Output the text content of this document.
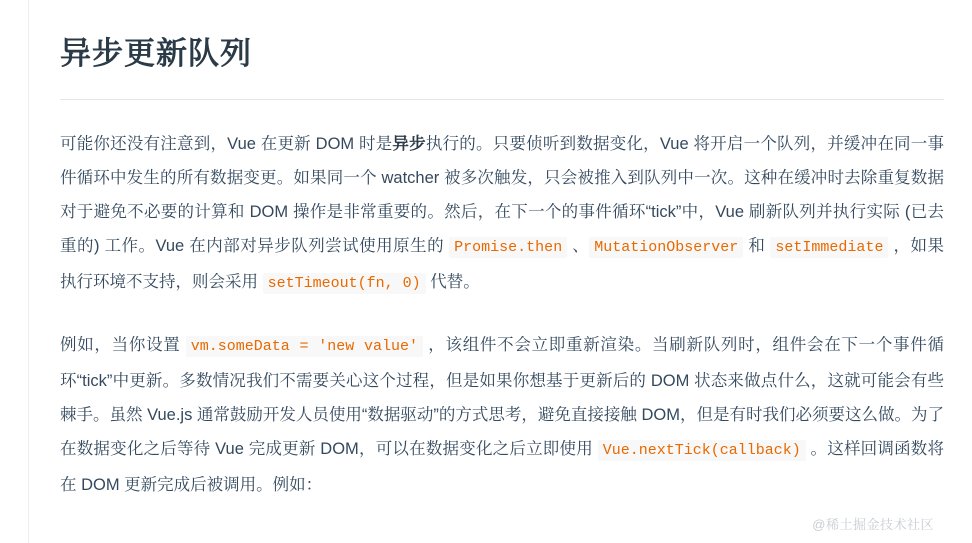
异步更新队列

可能你还没有注意到，Vue 在更新 DOM 时是异步执行的。只要侦听到数据变化，Vue 将开启一个队列，并缓冲在同一事件循环中发生的所有数据变更。如果同一个 watcher 被多次触发，只会被推入到队列中一次。这种在缓冲时去除重复数据对于避免不必要的计算和 DOM 操作是非常重要的。然后，在下一个的事件循环“tick”中，Vue 刷新队列并执行实际 (已去重的) 工作。Vue 在内部对异步队列尝试使用原生的 Promise.then 、 MutationObserver 和 setImmediate ，如果执行环境不支持，则会采用 setTimeout(fn, 0) 代替。

例如，当你设置 vm.someData = 'new value' ，该组件不会立即重新渲染。当刷新队列时，组件会在下一个事件循环“tick”中更新。多数情况我们不需要关心这个过程，但是如果你想基于更新后的 DOM 状态来做点什么，这就可能会有些棘手。虽然 Vue.js 通常鼓励开发人员使用“数据驱动”的方式思考，避免直接接触 DOM，但是有时我们必须要这么做。为了在数据变化之后等待 Vue 完成更新 DOM，可以在数据变化之后立即使用 Vue.nextTick(callback) 。这样回调函数将在 DOM 更新完成后被调用。例如：

@稀土掘金技术社区
